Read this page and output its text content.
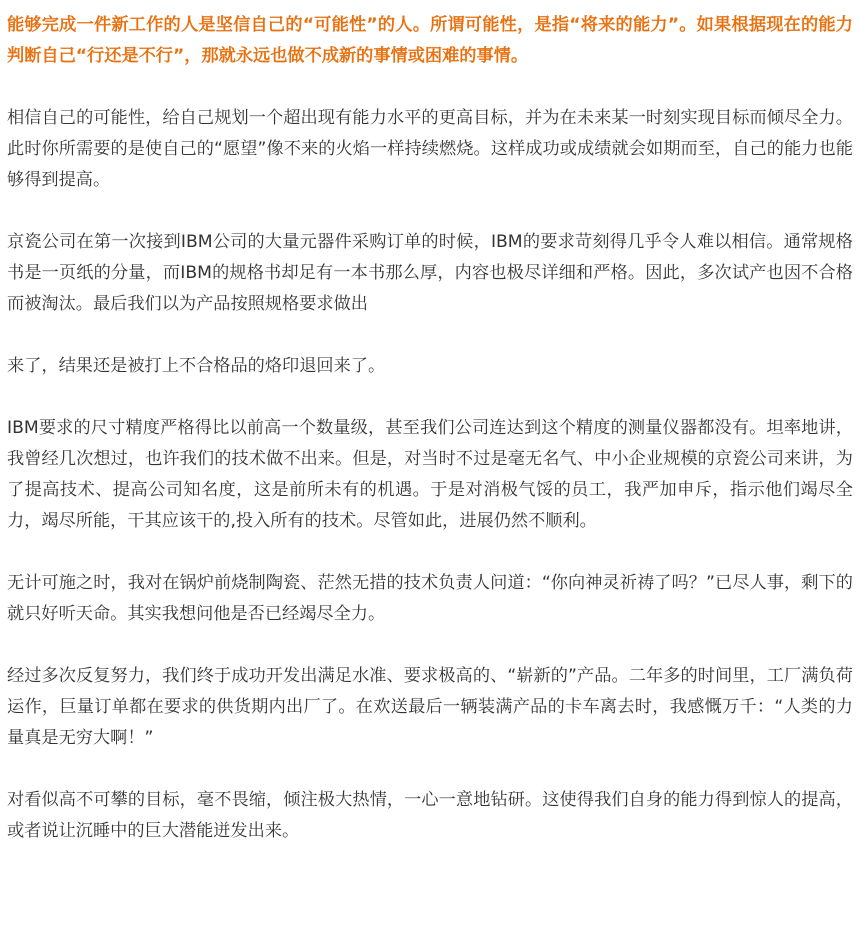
能够完成一件新工作的人是坚信自己的“可能性”的人。所谓可能性，是指“将来的能力”。如果根据现在的能力判断自己“行还是不行”，那就永远也做不成新的事情或困难的事情。

相信自己的可能性，给自己规划一个超出现有能力水平的更高目标，并为在未来某一时刻实现目标而倾尽全力。此时你所需要的是使自己的“愿望”像不来的火焰一样持续燃烧。这样成功或成绩就会如期而至，自己的能力也能够得到提高。

京瓷公司在第一次接到IBM公司的大量元器件采购订单的时候，IBM的要求苛刻得几乎令人难以相信。通常规格书是一页纸的分量，而IBM的规格书却足有一本书那么厚，内容也极尽详细和严格。因此，多次试产也因不合格而被淘汰。最后我们以为产品按照规格要求做出

来了，结果还是被打上不合格品的烙印退回来了。

IBM要求的尺寸精度严格得比以前高一个数量级，甚至我们公司连达到这个精度的测量仪器都没有。坦率地讲，我曾经几次想过，也许我们的技术做不出来。但是，对当时不过是毫无名气、中小企业规模的京瓷公司来讲，为了提高技术、提高公司知名度，这是前所未有的机遇。于是对消极气馁的员工，我严加申斥，指示他们竭尽全力，竭尽所能，干其应该干的,投入所有的技术。尽管如此，进展仍然不顺利。

无计可施之时，我对在锅炉前烧制陶瓷、茫然无措的技术负责人问道：“你向神灵祈祷了吗？”已尽人事，剩下的就只好听天命。其实我想问他是否已经竭尽全力。

经过多次反复努力，我们终于成功开发出满足水准、要求极高的、“崭新的”产品。二年多的时间里，工厂满负荷运作，巨量订单都在要求的供货期内出厂了。在欢送最后一辆装满产品的卡车离去时，我感慨万千：“人类的力量真是无穷大啊！”

对看似高不可攀的目标，毫不畏缩，倾注极大热情，一心一意地钻研。这使得我们自身的能力得到惊人的提高，或者说让沉睡中的巨大潜能迸发出来。
